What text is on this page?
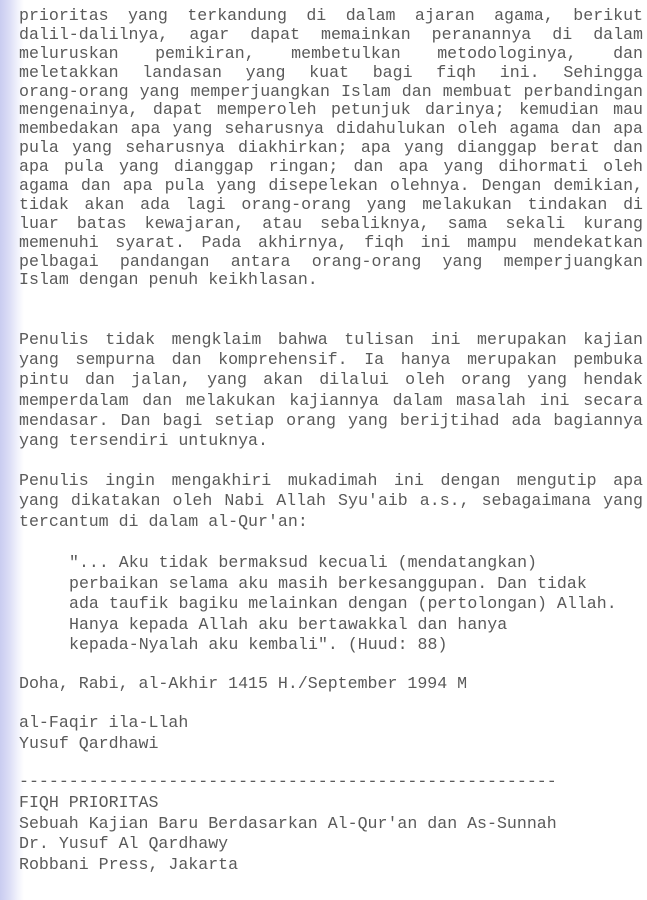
prioritas yang terkandung di dalam ajaran agama, berikut
dalil-dalilnya, agar dapat memainkan peranannya di dalam
meluruskan pemikiran, membetulkan metodologinya, dan
meletakkan landasan yang kuat bagi fiqh ini. Sehingga
orang-orang yang memperjuangkan Islam dan membuat perbandingan
mengenainya, dapat memperoleh petunjuk darinya; kemudian mau
membedakan apa yang seharusnya didahulukan oleh agama dan apa
pula yang seharusnya diakhirkan; apa yang dianggap berat dan
apa pula yang dianggap ringan; dan apa yang dihormati oleh
agama dan apa pula yang disepelekan olehnya. Dengan demikian,
tidak akan ada lagi orang-orang yang melakukan tindakan di
luar batas kewajaran, atau sebaliknya, sama sekali kurang
memenuhi syarat. Pada akhirnya, fiqh ini mampu mendekatkan
pelbagai pandangan antara orang-orang yang memperjuangkan
Islam dengan penuh keikhlasan.
Penulis tidak mengklaim bahwa tulisan ini merupakan kajian
yang sempurna dan komprehensif. Ia hanya merupakan pembuka
pintu dan jalan, yang akan dilalui oleh orang yang hendak
memperdalam dan melakukan kajiannya dalam masalah ini secara
mendasar. Dan bagi setiap orang yang berijtihad ada bagiannya
yang tersendiri untuknya.
Penulis ingin mengakhiri mukadimah ini dengan mengutip apa
yang dikatakan oleh Nabi Allah Syu'aib a.s., sebagaimana yang
tercantum di dalam al-Qur'an:
"... Aku tidak bermaksud kecuali (mendatangkan)
perbaikan selama aku masih berkesanggupan. Dan tidak
ada taufik bagiku melainkan dengan (pertolongan) Allah.
Hanya kepada Allah aku bertawakkal dan hanya
kepada-Nyalah aku kembali". (Huud: 88)
Doha, Rabi, al-Akhir 1415 H./September 1994 M
al-Faqir ila-Llah
Yusuf Qardhawi
------------------------------------------------------
FIQH PRIORITAS
Sebuah Kajian Baru Berdasarkan Al-Qur'an dan As-Sunnah
Dr. Yusuf Al Qardhawy
Robbani Press, Jakarta
